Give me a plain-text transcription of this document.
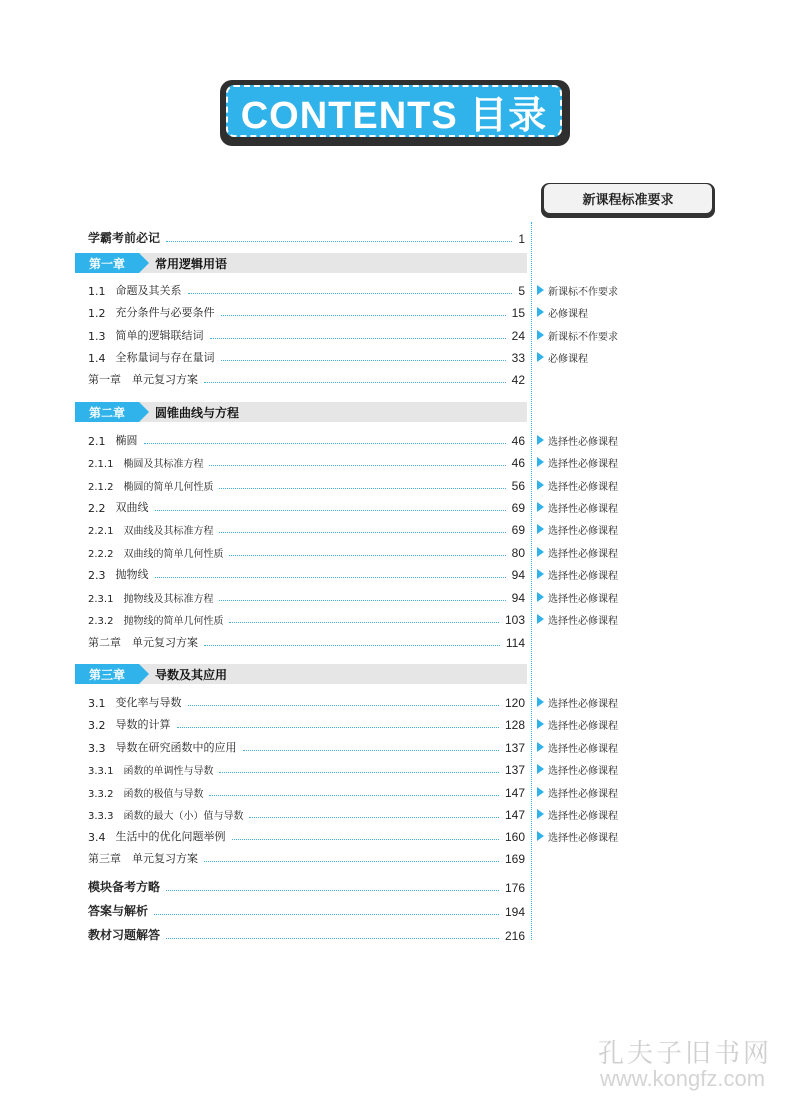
CONTENTS 目录
新课程标准要求
学霸考前必记	1
第一章	常用逻辑用语
1.1 命题及其关系	5 新课标不作要求
1.2 充分条件与必要条件	15 必修课程
1.3 简单的逻辑联结词	24 新课标不作要求
1.4 全称量词与存在量词	33 必修课程
第一章　单元复习方案	42
第二章	圆锥曲线与方程
2.1 椭圆	46 选择性必修课程
2.1.1 椭圆及其标准方程	46 选择性必修课程
2.1.2 椭圆的简单几何性质	56 选择性必修课程
2.2 双曲线	69 选择性必修课程
2.2.1 双曲线及其标准方程	69 选择性必修课程
2.2.2 双曲线的简单几何性质	80 选择性必修课程
2.3 抛物线	94 选择性必修课程
2.3.1 抛物线及其标准方程	94 选择性必修课程
2.3.2 抛物线的简单几何性质	103 选择性必修课程
第二章　单元复习方案	114
第三章	导数及其应用
3.1 变化率与导数	120 选择性必修课程
3.2 导数的计算	128 选择性必修课程
3.3 导数在研究函数中的应用	137 选择性必修课程
3.3.1 函数的单调性与导数	137 选择性必修课程
3.3.2 函数的极值与导数	147 选择性必修课程
3.3.3 函数的最大（小）值与导数	147 选择性必修课程
3.4 生活中的优化问题举例	160 选择性必修课程
第三章　单元复习方案	169
模块备考方略	176
答案与解析	194
教材习题解答	216
孔夫子旧书网
www.kongfz.com
